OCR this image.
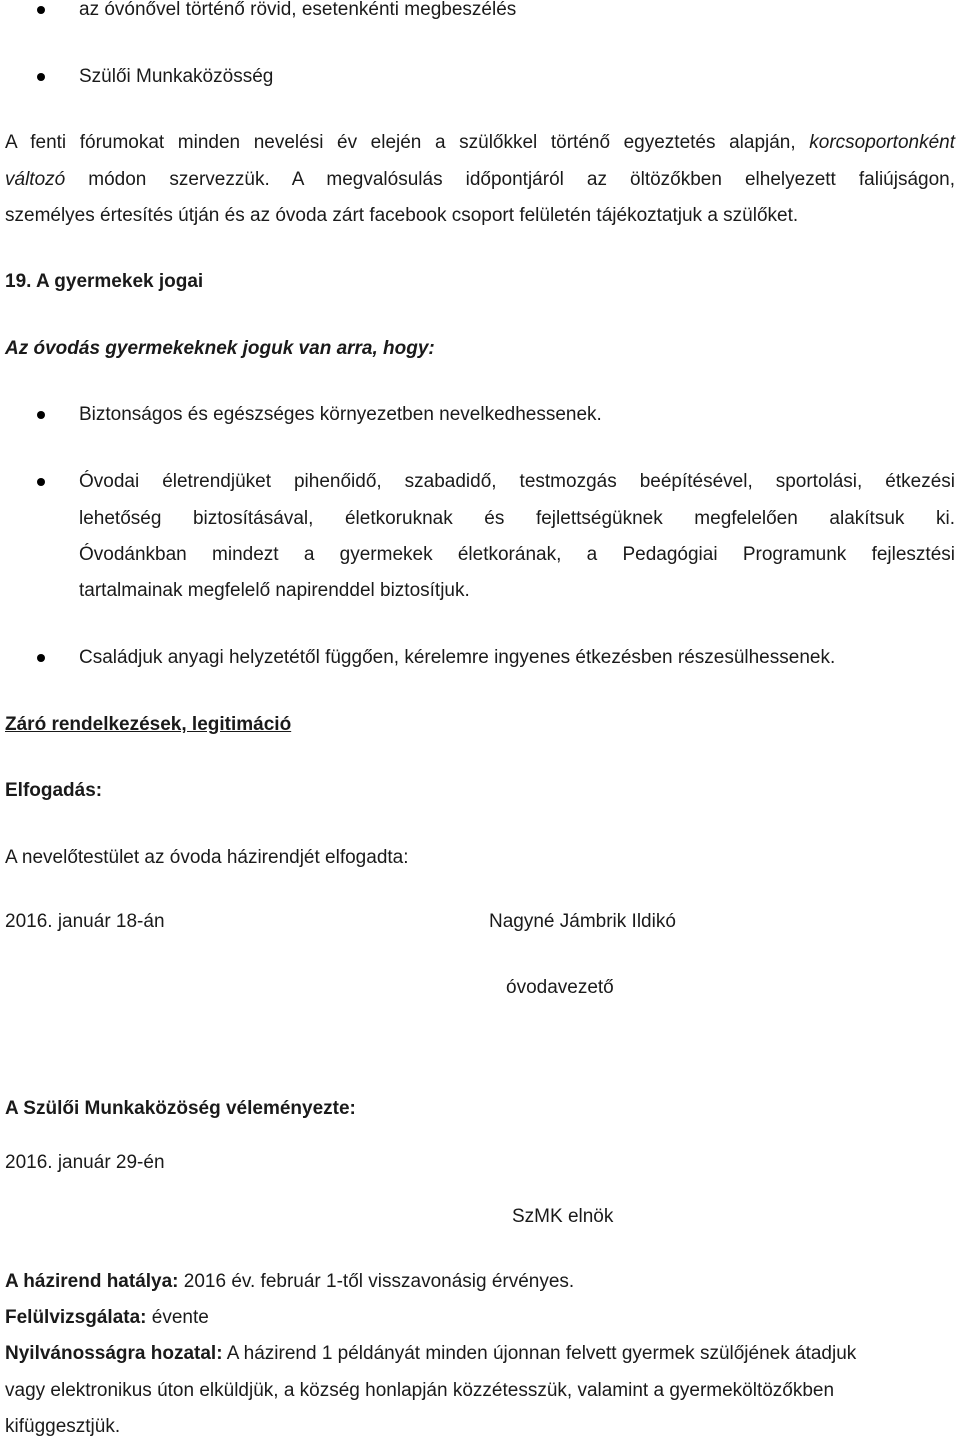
az óvónővel történő rövid, esetenkénti megbeszélés
Szülői Munkaközösség
A fenti fórumokat minden nevelési év elején a szülőkkel történő egyeztetés alapján, korcsoportonként
változó módon szervezzük. A megvalósulás időpontjáról az öltözőkben elhelyezett faliújságon,
személyes értesítés útján és az óvoda zárt facebook csoport felületén tájékoztatjuk a szülőket.
19. A gyermekek jogai
Az óvodás gyermekeknek joguk van arra, hogy:
Biztonságos és egészséges környezetben nevelkedhessenek.
Óvodai életrendjüket pihenőidő, szabadidő, testmozgás beépítésével, sportolási, étkezési
lehetőség biztosításával, életkoruknak és fejlettségüknek megfelelően alakítsuk ki.
Óvodánkban mindezt a gyermekek életkorának, a Pedagógiai Programunk fejlesztési
tartalmainak megfelelő napirenddel biztosítjuk.
Családjuk anyagi helyzetétől függően, kérelemre ingyenes étkezésben részesülhessenek.
Záró rendelkezések, legitimáció
Elfogadás:
A nevelőtestület az óvoda házirendjét elfogadta:
2016. január 18-án	Nagyné Jámbrik Ildikó
óvodavezető
A Szülői Munkaközöség véleményezte:
2016. január 29-én
SzMK elnök
A házirend hatálya: 2016 év. február 1-től visszavonásig érvényes.
Felülvizsgálata: évente
Nyilvánosságra hozatal: A házirend 1 példányát minden újonnan felvett gyermek szülőjének átadjuk
vagy elektronikus úton elküldjük, a község honlapján közzétesszük, valamint a gyermeköltözőkben
kifüggesztjük.
